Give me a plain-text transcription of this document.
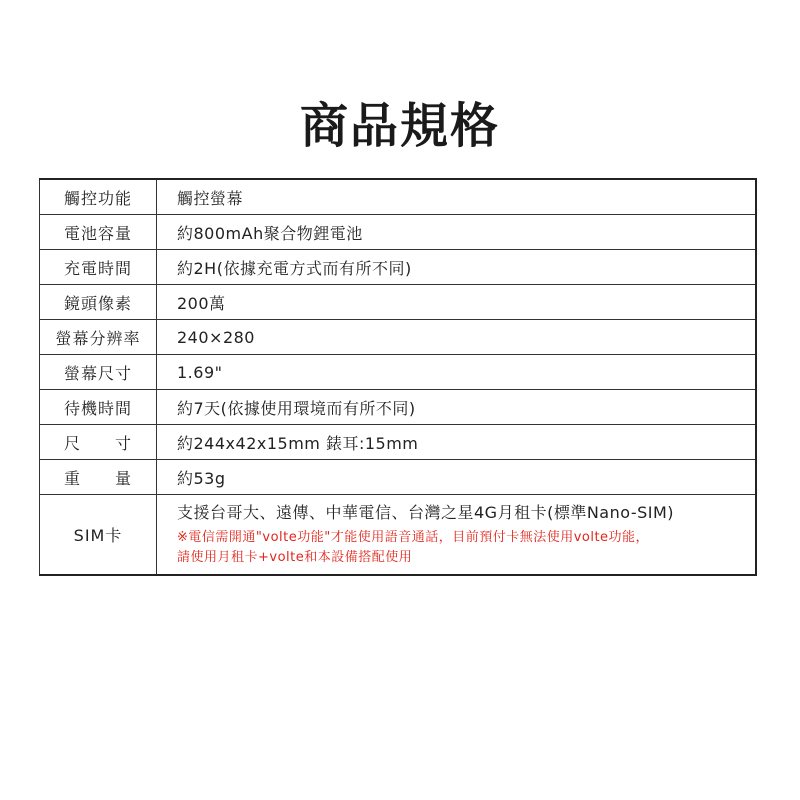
商品規格
觸控功能	觸控螢幕
電池容量	約800mAh聚合物鋰電池
充電時間	約2H(依據充電方式而有所不同)
鏡頭像素	200萬
螢幕分辨率	240×280
螢幕尺寸	1.69"
待機時間	約7天(依據使用環境而有所不同)
尺　　寸	約244x42x15mm 錶耳:15mm
重　　量	約53g
SIM卡	支援台哥大、遠傳、中華電信、台灣之星4G月租卡(標準Nano-SIM)
※電信需開通"volte功能"才能使用語音通話，目前預付卡無法使用volte功能，
請使用月租卡+volte和本設備搭配使用
